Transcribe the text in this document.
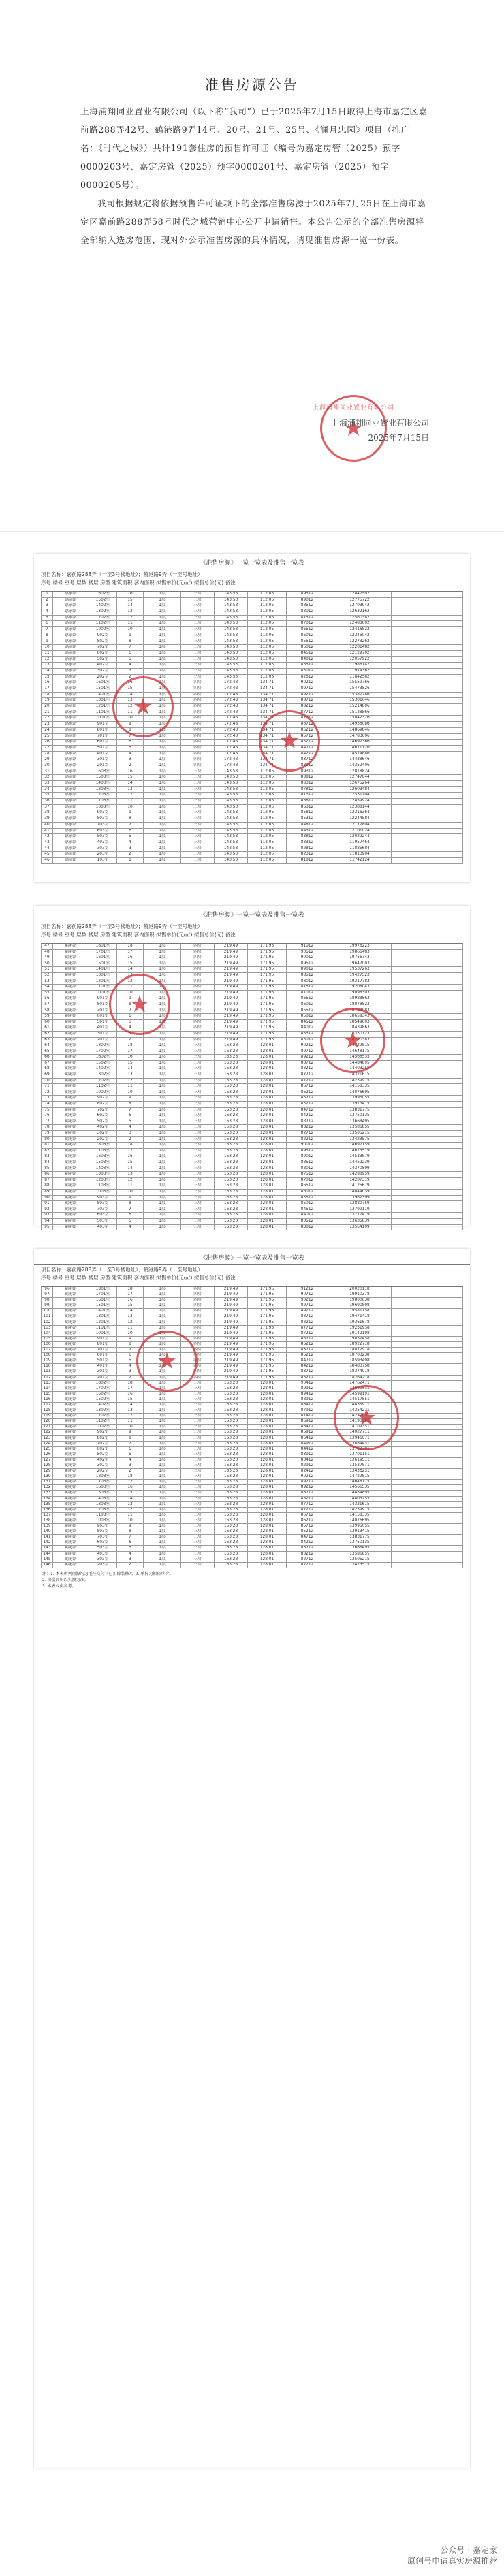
准售房源公告

上海浦翔同业置业有限公司（以下称“我司”）已于2025年7月15日取得上海市嘉定区嘉前路288弄42号、鹤港路9弄14号、20号、21号、25号、《澜月忠园》项目（推广名：《时代之城》）共计191套住房的预售许可证（编号为嘉定房管（2025）预字0000203号、嘉定房管（2025）预字0000201号、嘉定房管（2025）预字0000205号）。

我司根据规定将依据预售许可证项下的全部准售房源于2025年7月25日在上海市嘉定区嘉前路288弄58号时代之城营销中心公开申请销售。本公告公示的全部准售房源将全部纳入选房范围，现对外公示准售房源的具体情况，请见准售房源一览一份表。

上海浦翔同业置业有限公司
★
上海浦翔同业置业有限公司
2025年7月15日
《准售房源》一览一览表及准售一览表
项目名称：嘉前路288弄（一至3号楼地址）；鹤港路9弄（一至号地址）
序号 楼号 室号 层数 楼层 房型 建筑面积 套内面积 拟售单价(元/㎡) 拟售总价(元) 备注
1	嘉前路	1602室	16	1层	三房	143.53	112.05	89512	12847502
2	嘉前路	1502室	15	1层	三房	143.53	112.05	89012	12775722
3	嘉前路	1402室	14	1层	三房	143.53	112.05	88512	12703942
4	嘉前路	1302室	13	1层	三房	143.53	112.05	88012	12632162
5	嘉前路	1202室	12	1层	三房	143.53	112.05	87512	12560382
6	嘉前路	1102室	11	1层	三房	143.53	112.05	87012	12488602
7	嘉前路	1002室	10	1层	三房	143.53	112.05	86512	12416822
8	嘉前路	902室	9	1层	三房	143.53	112.05	86012	12345042
9	嘉前路	802室	8	1层	三房	143.53	112.05	85512	12273262
10	嘉前路	702室	7	1层	三房	143.53	112.05	85012	12201482
11	嘉前路	602室	6	1层	三房	143.53	112.05	84512	12129702
12	嘉前路	502室	5	1层	三房	143.53	112.05	84012	12057922
13	嘉前路	402室	4	1层	三房	143.53	112.05	83512	11986142
14	嘉前路	302室	3	1层	三房	143.53	112.05	83012	11914362
15	嘉前路	202室	2	1层	三房	143.53	112.05	82512	11842582
16	嘉前路	1601室	16	1层	四房	172.48	134.71	90212	15559766
17	嘉前路	1501室	15	1层	四房	172.48	134.71	89712	15473526
18	嘉前路	1401室	14	1层	四房	172.48	134.71	89212	15387286
19	嘉前路	1301室	13	1层	四房	172.48	134.71	88712	15301046
20	嘉前路	1201室	12	1层	四房	172.48	134.71	88212	15214806
21	嘉前路	1101室	11	1层	四房	172.48	134.71	87712	15128566
22	嘉前路	1001室	10	1层	四房	172.48	134.71	87212	15042326
23	嘉前路	901室	9	1层	四房	172.48	134.71	86712	14956086
24	嘉前路	801室	8	1层	四房	172.48	134.71	86212	14869846
25	嘉前路	701室	7	1层	四房	172.48	134.71	85712	14783606
26	嘉前路	601室	6	1层	四房	172.48	134.71	85212	14697366
27	嘉前路	501室	5	1层	四房	172.48	134.71	84712	14611126
28	嘉前路	401室	4	1层	四房	172.48	134.71	84212	14524886
29	嘉前路	301室	3	1层	四房	172.48	134.71	83712	14438646
30	嘉前路	201室	2	1层	四房	172.48	134.71	83212	14352406
31	嘉前路	1603室	16	1层	三房	143.53	112.05	89312	12818824
32	嘉前路	1503室	15	1层	三房	143.53	112.05	88812	12747044
33	嘉前路	1403室	14	1层	三房	143.53	112.05	88312	12675264
34	嘉前路	1303室	13	1层	三房	143.53	112.05	87812	12603484
35	嘉前路	1203室	12	1层	三房	143.53	112.05	87312	12531704
36	嘉前路	1103室	11	1层	三房	143.53	112.05	86812	12459924
37	嘉前路	1003室	10	1层	三房	143.53	112.05	86312	12388144
38	嘉前路	903室	9	1层	三房	143.53	112.05	85812	12316364
39	嘉前路	803室	8	1层	三房	143.53	112.05	85312	12244584
40	嘉前路	703室	7	1层	三房	143.53	112.05	84812	12172804
41	嘉前路	603室	6	1层	三房	143.53	112.05	84312	12101024
42	嘉前路	503室	5	1层	三房	143.53	112.05	83812	12029244
43	嘉前路	403室	4	1层	三房	143.53	112.05	83312	11957464
44	嘉前路	303室	3	1层	三房	143.53	112.05	82812	11885684
45	嘉前路	203室	2	1层	三房	143.53	112.05	82312	11813904
46	嘉前路	103室	1	1层	三房	143.53	112.05	81812	11742124
★
★
《准售房源》一览一览表及准售一览表
项目名称：嘉前路288弄（一至3号楼地址）；鹤港路9弄（一至号地址）
序号 楼号 室号 层数 楼层 房型 建筑面积 套内面积 拟售单价(元/㎡) 拟售总价(元) 备注
47	鹤港路	1801室	18	1层	四房	219.49	171.95	91012	19976223
48	鹤港路	1701室	17	1层	四房	219.49	171.95	90512	19866483
49	鹤港路	1601室	16	1层	四房	219.49	171.95	90012	19756743
50	鹤港路	1501室	15	1层	四房	219.49	171.95	89512	19647003
51	鹤港路	1401室	14	1层	四房	219.49	171.95	89012	19537263
52	鹤港路	1301室	13	1层	四房	219.49	171.95	88512	19427523
53	鹤港路	1201室	12	1层	四房	219.49	171.95	88012	19317783
54	鹤港路	1101室	11	1层	四房	219.49	171.95	87512	19208043
55	鹤港路	1001室	10	1层	四房	219.49	171.95	87012	19098303
56	鹤港路	901室	9	1层	四房	219.49	171.95	86512	18988563
57	鹤港路	801室	8	1层	四房	219.49	171.95	86012	18878823
58	鹤港路	701室	7	1层	四房	219.49	171.95	85512	18769083
59	鹤港路	601室	6	1层	四房	219.49	171.95	85012	18659343
60	鹤港路	501室	5	1层	四房	219.49	171.95	84512	18549603
61	鹤港路	401室	4	1层	四房	219.49	171.95	84012	18439863
62	鹤港路	301室	3	1层	四房	219.49	171.95	83512	18330123
63	鹤港路	201室	2	1层	四房	219.49	171.95	83012	18220383
64	鹤港路	1802室	18	1层	三房	163.28	128.01	90212	14729815
65	鹤港路	1702室	17	1层	三房	163.28	128.01	89712	14648175
66	鹤港路	1602室	16	1层	三房	163.28	128.01	89212	14566535
67	鹤港路	1502室	15	1层	三房	163.28	128.01	88712	14484895
68	鹤港路	1402室	14	1层	三房	163.28	128.01	88212	14403255
69	鹤港路	1302室	13	1层	三房	163.28	128.01	87712	14321615
70	鹤港路	1202室	12	1层	三房	163.28	128.01	87212	14239975
71	鹤港路	1102室	11	1层	三房	163.28	128.01	86712	14158335
72	鹤港路	1002室	10	1层	三房	163.28	128.01	86212	14076695
73	鹤港路	902室	9	1层	三房	163.28	128.01	85712	13995055
74	鹤港路	802室	8	1层	三房	163.28	128.01	85212	13913415
75	鹤港路	702室	7	1层	三房	163.28	128.01	84712	13831775
76	鹤港路	602室	6	1层	三房	163.28	128.01	84212	13750135
77	鹤港路	502室	5	1层	三房	163.28	128.01	83712	13668495
78	鹤港路	402室	4	1层	三房	163.28	128.01	83212	13586855
79	鹤港路	302室	3	1层	三房	163.28	128.01	82712	13505215
80	鹤港路	202室	2	1层	三房	163.28	128.01	82212	13423575
81	鹤港路	1803室	18	1层	三房	163.28	128.01	90012	14697159
82	鹤港路	1703室	17	1层	三房	163.28	128.01	89512	14615519
83	鹤港路	1603室	16	1层	三房	163.28	128.01	89012	14533879
84	鹤港路	1503室	15	1层	三房	163.28	128.01	88512	14452239
85	鹤港路	1403室	14	1层	三房	163.28	128.01	88012	14370599
86	鹤港路	1303室	13	1层	三房	163.28	128.01	87512	14288959
87	鹤港路	1203室	12	1层	三房	163.28	128.01	87012	14207319
88	鹤港路	1103室	11	1层	三房	163.28	128.01	86512	14125679
89	鹤港路	1003室	10	1层	三房	163.28	128.01	86012	14044039
90	鹤港路	903室	9	1层	三房	163.28	128.01	85512	13962399
91	鹤港路	803室	8	1层	三房	163.28	128.01	85012	13880759
92	鹤港路	703室	7	1层	三房	163.28	128.01	84512	13799119
93	鹤港路	603室	6	1层	三房	163.28	128.01	84012	13717479
94	鹤港路	503室	5	1层	三房	163.28	128.01	83512	13635839
95	鹤港路	403室	4	1层	三房	163.28	128.01	83012	13554199
★
★
《准售房源》一览一览表及准售一览表
项目名称：嘉前路288弄（一至3号楼地址）；鹤港路9弄（一至号地址）
序号 楼号 室号 层数 楼层 房型 建筑面积 套内面积 拟售单价(元/㎡) 拟售总价(元) 备注
96	鹤港路	1801室	18	1层	四房	219.49	171.95	91212	20020118
97	鹤港路	1701室	17	1层	四房	219.49	171.95	90712	19910378
98	鹤港路	1601室	16	1层	四房	219.49	171.95	90212	19800638
99	鹤港路	1501室	15	1层	四房	219.49	171.95	89712	19690898
100	鹤港路	1401室	14	1层	四房	219.49	171.95	89212	19581158
101	鹤港路	1301室	13	1层	四房	219.49	171.95	88712	19471418
102	鹤港路	1201室	12	1层	四房	219.49	171.95	88212	19361678
103	鹤港路	1101室	11	1层	四房	219.49	171.95	87712	19251938
104	鹤港路	1001室	10	1层	四房	219.49	171.95	87212	19142198
105	鹤港路	901室	9	1层	四房	219.49	171.95	86712	19032458
106	鹤港路	801室	8	1层	四房	219.49	171.95	86212	18922718
107	鹤港路	701室	7	1层	四房	219.49	171.95	85712	18812978
108	鹤港路	601室	6	1层	四房	219.49	171.95	85212	18703238
109	鹤港路	501室	5	1层	四房	219.49	171.95	84712	18593498
110	鹤港路	401室	4	1层	四房	219.49	171.95	84212	18483758
111	鹤港路	301室	3	1层	四房	219.49	171.95	83712	18374018
112	鹤港路	201室	2	1层	四房	219.49	171.95	83212	18264278
113	鹤港路	1802室	18	1层	三房	163.28	128.01	90412	14762471
114	鹤港路	1702室	17	1层	三房	163.28	128.01	89912	14680831
115	鹤港路	1602室	16	1层	三房	163.28	128.01	89412	14599191
116	鹤港路	1502室	15	1层	三房	163.28	128.01	88912	14517551
117	鹤港路	1402室	14	1层	三房	163.28	128.01	88412	14435911
118	鹤港路	1302室	13	1层	三房	163.28	128.01	87912	14354271
119	鹤港路	1202室	12	1层	三房	163.28	128.01	87412	14272631
120	鹤港路	1102室	11	1层	三房	163.28	128.01	86912	14190991
121	鹤港路	1002室	10	1层	三房	163.28	128.01	86412	14109351
122	鹤港路	902室	9	1层	三房	163.28	128.01	85912	14027711
123	鹤港路	802室	8	1层	三房	163.28	128.01	85412	13946071
124	鹤港路	702室	7	1层	三房	163.28	128.01	84912	13864431
125	鹤港路	602室	6	1层	三房	163.28	128.01	84412	13782791
126	鹤港路	502室	5	1层	三房	163.28	128.01	83912	13701151
127	鹤港路	402室	4	1层	三房	163.28	128.01	83412	13619511
128	鹤港路	302室	3	1层	三房	163.28	128.01	82912	13537871
129	鹤港路	202室	2	1层	三房	163.28	128.01	82412	13456231
130	鹤港路	1803室	18	1层	三房	163.28	128.01	90212	14729815
131	鹤港路	1703室	17	1层	三房	163.28	128.01	89712	14648175
132	鹤港路	1603室	16	1层	三房	163.28	128.01	89212	14566535
133	鹤港路	1503室	15	1层	三房	163.28	128.01	88712	14484895
134	鹤港路	1403室	14	1层	三房	163.28	128.01	88212	14403255
135	鹤港路	1303室	13	1层	三房	163.28	128.01	87712	14321615
136	鹤港路	1203室	12	1层	三房	163.28	128.01	87212	14239975
137	鹤港路	1103室	11	1层	三房	163.28	128.01	86712	14158335
138	鹤港路	1003室	10	1层	三房	163.28	128.01	86212	14076695
139	鹤港路	903室	9	1层	三房	163.28	128.01	85712	13995055
140	鹤港路	803室	8	1层	三房	163.28	128.01	85212	13913415
141	鹤港路	703室	7	1层	三房	163.28	128.01	84712	13831775
142	鹤港路	603室	6	1层	三房	163.28	128.01	84212	13750135
143	鹤港路	503室	5	1层	三房	163.28	128.01	83712	13668495
144	鹤港路	403室	4	1层	三房	163.28	128.01	83212	13586855
145	鹤港路	303室	3	1层	三房	163.28	128.01	82712	13505215
146	鹤港路	203室	2	1层	三房	163.28	128.01	82212	13423575
注：1. 本表所列房源均为毛坯交付（已扣除装修）；2. 单价为拟售单价。
2. 房屋面积以实测为准。
3. 本表仅供参考。
★
★
公众号 · 嘉定家
原创号申请真实房源推荐
